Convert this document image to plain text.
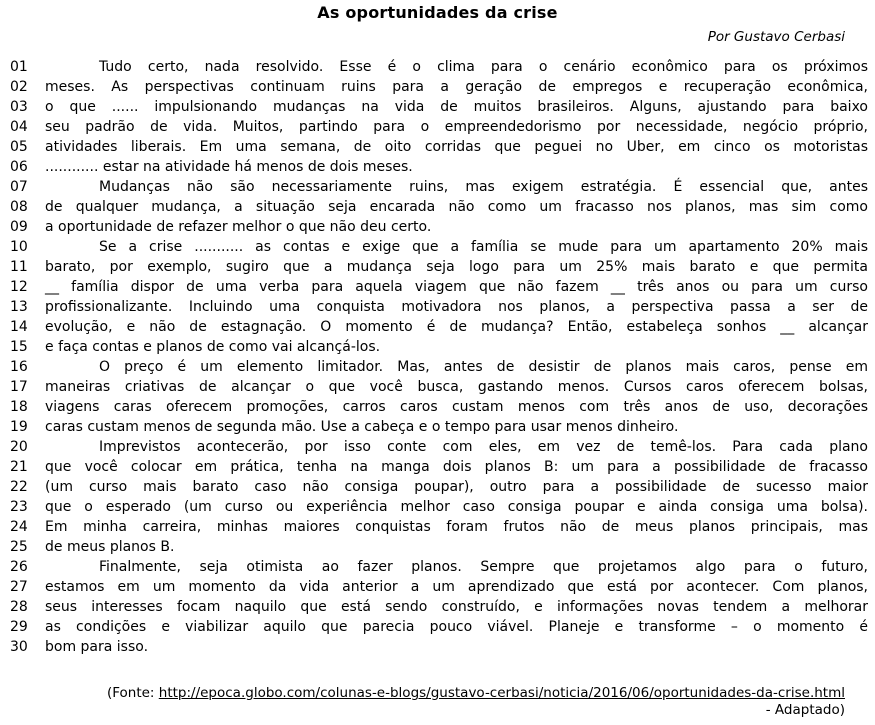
As oportunidades da crise
Por Gustavo Cerbasi
01	Tudo certo, nada resolvido. Esse é o clima para o cenário econômico para os próximos
02	meses. As perspectivas continuam ruins para a geração de empregos e recuperação econômica,
03	o que ...... impulsionando mudanças na vida de muitos brasileiros. Alguns, ajustando para baixo
04	seu padrão de vida. Muitos, partindo para o empreendedorismo por necessidade, negócio próprio,
05	atividades liberais. Em uma semana, de oito corridas que peguei no Uber, em cinco os motoristas
06	............ estar na atividade há menos de dois meses.
07	Mudanças não são necessariamente ruins, mas exigem estratégia. É essencial que, antes
08	de qualquer mudança, a situação seja encarada não como um fracasso nos planos, mas sim como
09	a oportunidade de refazer melhor o que não deu certo.
10	Se a crise ........... as contas e exige que a família se mude para um apartamento 20% mais
11	barato, por exemplo, sugiro que a mudança seja logo para um 25% mais barato e que permita
12	__ família dispor de uma verba para aquela viagem que não fazem __ três anos ou para um curso
13	profissionalizante. Incluindo uma conquista motivadora nos planos, a perspectiva passa a ser de
14	evolução, e não de estagnação. O momento é de mudança? Então, estabeleça sonhos __ alcançar
15	e faça contas e planos de como vai alcançá-los.
16	O preço é um elemento limitador. Mas, antes de desistir de planos mais caros, pense em
17	maneiras criativas de alcançar o que você busca, gastando menos. Cursos caros oferecem bolsas,
18	viagens caras oferecem promoções, carros caros custam menos com três anos de uso, decorações
19	caras custam menos de segunda mão. Use a cabeça e o tempo para usar menos dinheiro.
20	Imprevistos acontecerão, por isso conte com eles, em vez de temê-los. Para cada plano
21	que você colocar em prática, tenha na manga dois planos B: um para a possibilidade de fracasso
22	(um curso mais barato caso não consiga poupar), outro para a possibilidade de sucesso maior
23	que o esperado (um curso ou experiência melhor caso consiga poupar e ainda consiga uma bolsa).
24	Em minha carreira, minhas maiores conquistas foram frutos não de meus planos principais, mas
25	de meus planos B.
26	Finalmente, seja otimista ao fazer planos. Sempre que projetamos algo para o futuro,
27	estamos em um momento da vida anterior a um aprendizado que está por acontecer. Com planos,
28	seus interesses focam naquilo que está sendo construído, e informações novas tendem a melhorar
29	as condições e viabilizar aquilo que parecia pouco viável. Planeje e transforme – o momento é
30	bom para isso.
(Fonte: http://epoca.globo.com/colunas-e-blogs/gustavo-cerbasi/noticia/2016/06/oportunidades-da-crise.html
- Adaptado)
